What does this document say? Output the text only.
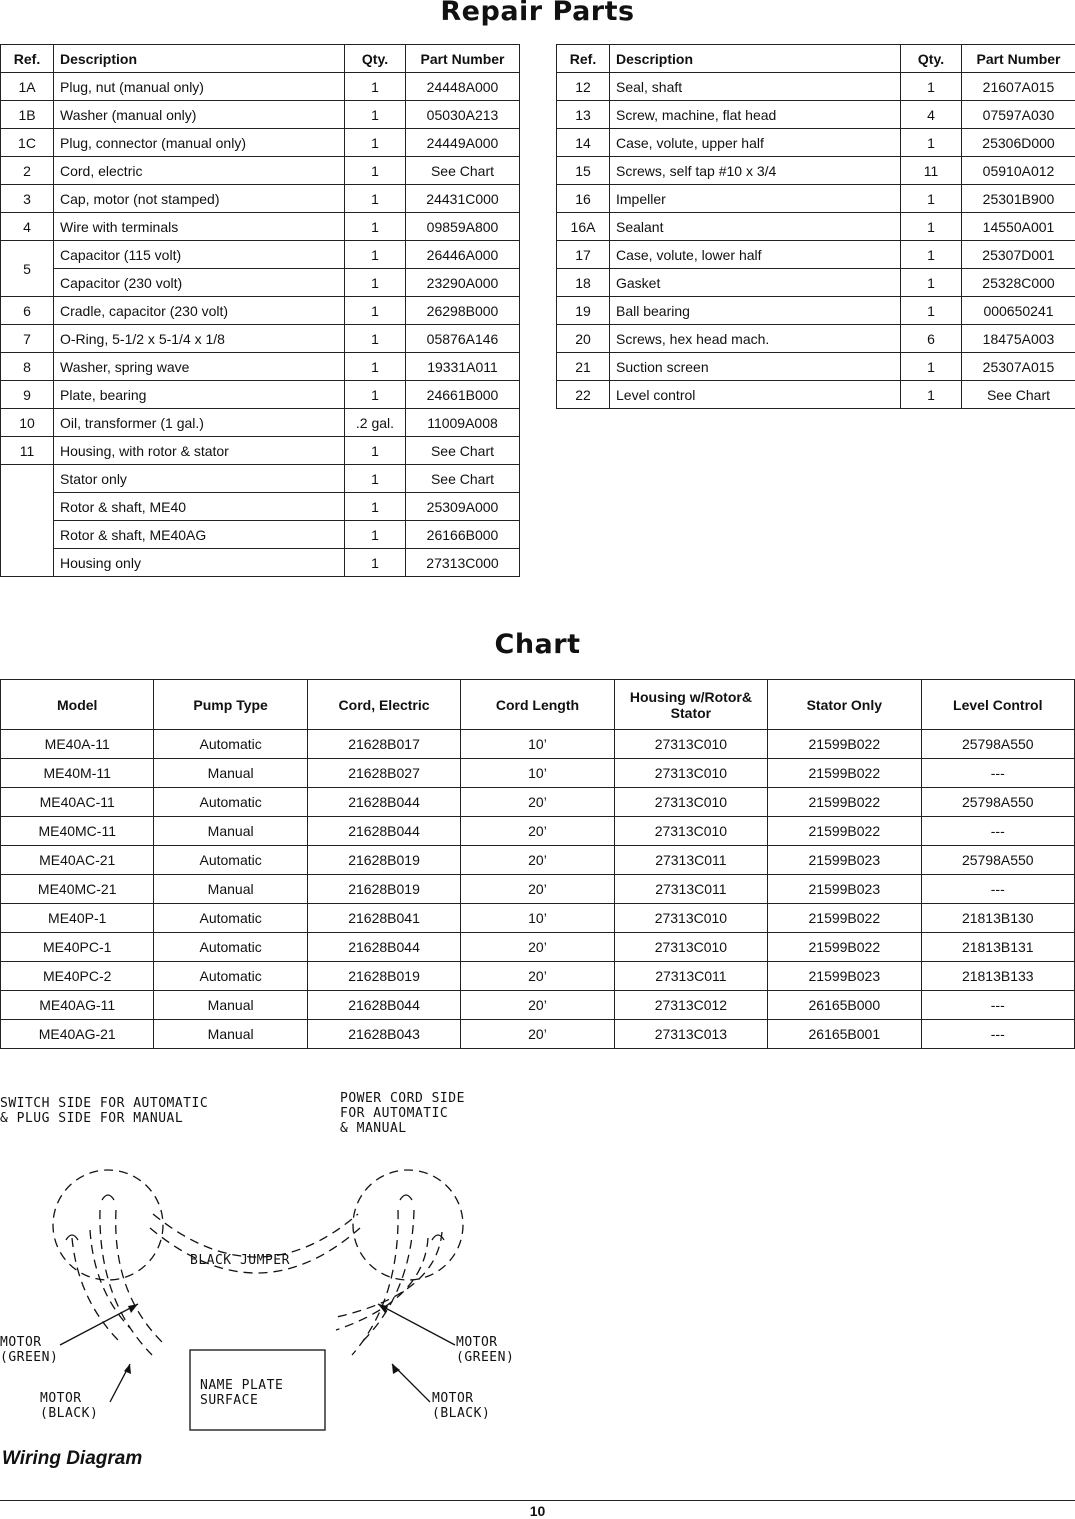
Repair Parts
Ref.	Description	Qty.	Part Number
1A	Plug, nut (manual only)	1	24448A000
1B	Washer (manual only)	1	05030A213
1C	Plug, connector (manual only)	1	24449A000
2	Cord, electric	1	See Chart
3	Cap, motor (not stamped)	1	24431C000
4	Wire with terminals	1	09859A800
5	Capacitor (115 volt)	1	26446A000
	Capacitor (230 volt)	1	23290A000
6	Cradle, capacitor (230 volt)	1	26298B000
7	O-Ring, 5-1/2 x 5-1/4 x 1/8	1	05876A146
8	Washer, spring wave	1	19331A011
9	Plate, bearing	1	24661B000
10	Oil, transformer (1 gal.)	.2 gal.	11009A008
11	Housing, with rotor & stator	1	See Chart
	Stator only	1	See Chart
	Rotor & shaft, ME40	1	25309A000
	Rotor & shaft, ME40AG	1	26166B000
	Housing only	1	27313C000
Ref.	Description	Qty.	Part Number
12	Seal, shaft	1	21607A015
13	Screw, machine, flat head	4	07597A030
14	Case, volute, upper half	1	25306D000
15	Screws, self tap #10 x 3/4	11	05910A012
16	Impeller	1	25301B900
16A	Sealant	1	14550A001
17	Case, volute, lower half	1	25307D001
18	Gasket	1	25328C000
19	Ball bearing	1	000650241
20	Screws, hex head mach.	6	18475A003
21	Suction screen	1	25307A015
22	Level control	1	See Chart
Chart
Model	Pump Type	Cord, Electric	Cord Length	Housing w/Rotor& Stator	Stator Only	Level Control
ME40A-11	Automatic	21628B017	10’	27313C010	21599B022	25798A550
ME40M-11	Manual	21628B027	10’	27313C010	21599B022	---
ME40AC-11	Automatic	21628B044	20’	27313C010	21599B022	25798A550
ME40MC-11	Manual	21628B044	20’	27313C010	21599B022	---
ME40AC-21	Automatic	21628B019	20’	27313C011	21599B023	25798A550
ME40MC-21	Manual	21628B019	20’	27313C011	21599B023	---
ME40P-1	Automatic	21628B041	10’	27313C010	21599B022	21813B130
ME40PC-1	Automatic	21628B044	20’	27313C010	21599B022	21813B131
ME40PC-2	Automatic	21628B019	20’	27313C011	21599B023	21813B133
ME40AG-11	Manual	21628B044	20’	27313C012	26165B000	---
ME40AG-21	Manual	21628B043	20’	27313C013	26165B001	---
SWITCH SIDE FOR AUTOMATIC
& PLUG SIDE FOR MANUAL
POWER CORD SIDE
FOR AUTOMATIC
& MANUAL
BLACK JUMPER
MOTOR
(GREEN)
MOTOR
(BLACK)
NAME PLATE
SURFACE
MOTOR
(GREEN)
MOTOR
(BLACK)
Wiring Diagram
10
